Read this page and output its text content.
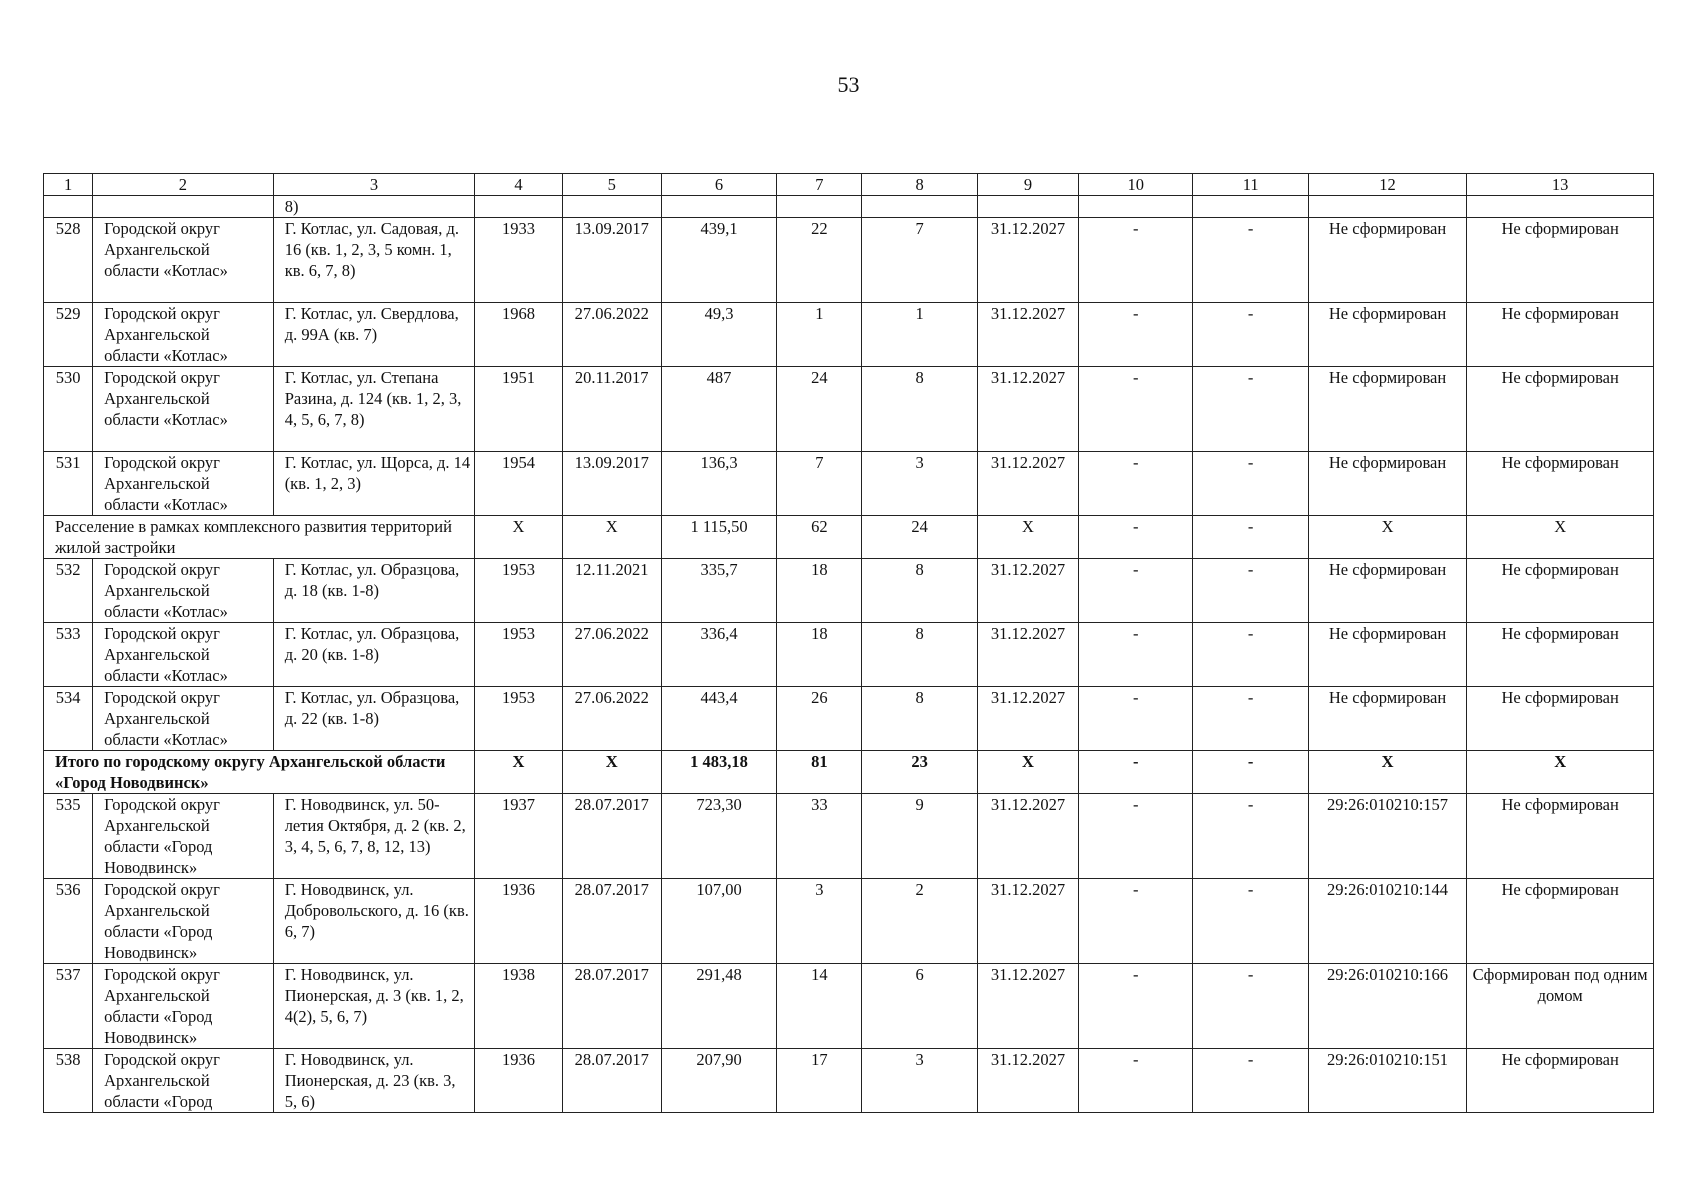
53
1	2	3	4	5	6	7	8	9	10	11	12	13
		8)										
528	Городской округ Архангельской области «Котлас»	Г. Котлас, ул. Садовая, д. 16 (кв. 1, 2, 3, 5 комн. 1, кв. 6, 7, 8)	1933	13.09.2017	439,1	22	7	31.12.2027	-	-	Не сформирован	Не сформирован
529	Городской округ Архангельской области «Котлас»	Г. Котлас, ул. Свердлова, д. 99А (кв. 7)	1968	27.06.2022	49,3	1	1	31.12.2027	-	-	Не сформирован	Не сформирован
530	Городской округ Архангельской области «Котлас»	Г. Котлас, ул. Степана Разина, д. 124 (кв. 1, 2, 3, 4, 5, 6, 7, 8)	1951	20.11.2017	487	24	8	31.12.2027	-	-	Не сформирован	Не сформирован
531	Городской округ Архангельской области «Котлас»	Г. Котлас, ул. Щорса, д. 14 (кв. 1, 2, 3)	1954	13.09.2017	136,3	7	3	31.12.2027	-	-	Не сформирован	Не сформирован
Расселение в рамках комплексного развития территорий жилой застройки			X	X	1 115,50	62	24	X	-	-	X	X
532	Городской округ Архангельской области «Котлас»	Г. Котлас, ул. Образцова, д. 18 (кв. 1-8)	1953	12.11.2021	335,7	18	8	31.12.2027	-	-	Не сформирован	Не сформирован
533	Городской округ Архангельской области «Котлас»	Г. Котлас, ул. Образцова, д. 20 (кв. 1-8)	1953	27.06.2022	336,4	18	8	31.12.2027	-	-	Не сформирован	Не сформирован
534	Городской округ Архангельской области «Котлас»	Г. Котлас, ул. Образцова, д. 22 (кв. 1-8)	1953	27.06.2022	443,4	26	8	31.12.2027	-	-	Не сформирован	Не сформирован
Итого по городскому округу Архангельской области «Город Новодвинск»			X	X	1 483,18	81	23	X	-	-	X	X
535	Городской округ Архангельской области «Город Новодвинск»	Г. Новодвинск, ул. 50-летия Октября, д. 2 (кв. 2, 3, 4, 5, 6, 7, 8, 12, 13)	1937	28.07.2017	723,30	33	9	31.12.2027	-	-	29:26:010210:157	Не сформирован
536	Городской округ Архангельской области «Город Новодвинск»	Г. Новодвинск, ул. Добровольского, д. 16 (кв. 6, 7)	1936	28.07.2017	107,00	3	2	31.12.2027	-	-	29:26:010210:144	Не сформирован
537	Городской округ Архангельской области «Город Новодвинск»	Г. Новодвинск, ул. Пионерская, д. 3 (кв. 1, 2, 4(2), 5, 6, 7)	1938	28.07.2017	291,48	14	6	31.12.2027	-	-	29:26:010210:166	Сформирован под одним домом
538	Городской округ Архангельской области «Город	Г. Новодвинск, ул. Пионерская, д. 23 (кв. 3, 5, 6)	1936	28.07.2017	207,90	17	3	31.12.2027	-	-	29:26:010210:151	Не сформирован
